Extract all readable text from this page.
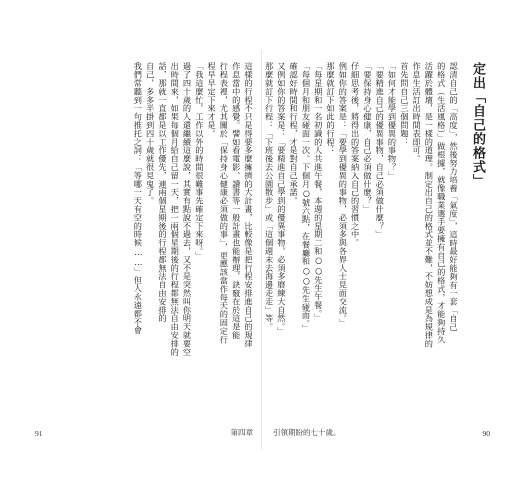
這樣的行程不只是得要多麼擁擠的大計畫，比較像是把行程安排進自己的規律
作息當中的感覺。譬如看電影、讀書等一般計畫也能辦理，訣竅在於這是能
行程表裡，尤其關於「保持身心健康必須做的事」，更應該當作每天的固定行
程早早定下來才是。
「我這麼忙，工作以外的時間很難事先確定下來呀。」
過了四十歲的人還繼續這麼說，其實有點說不過去，又不是突然叫你明天就要空
出時間來，如果每個月給自己留一天，把一兩個星期後的行程都無法自由安排的
話，那就一直都是以工作優先，連兩個星期後的行程都無法自由安排的
自己，多多半掛到四十歲就很見鬼了。
我們常聽到一句推托之詞：「等哪一天有空的時候……」但人永遠都不會
91	第四章
定出「自己的格式」
認清自己的「高度」，然後努力培養「氣度」，這時最好能夠有一套「自己
的格式（生活風格）」做根據，就像職業選手要擁有自己的格式，才能夠持久
活躍於體壇，是一樣的道理。制定出自己的格式並不難，不妨想成是為規律的
作息生活訂出時間表即可。
首先問自己三個問題：
「如何才能學到優異的事物？」
「要精進自己的優異事物，自己必須做什麼？」
「要保持身心健康，自己必須做什麼？」
仔細思考後，將得出的答案納入自己的習慣之中。
例如你的答案是：「要學到優異的事物，必須多與各界人士見面交流。」
那麼就訂下如此的行程：
「每星期和一名初識的人共進午餐，本週的星期二和○○先生午餐。」
「每個月和朋友碰面一次。下個月○號六點，在餐廳和○○先生碰面。」
確認好時間和行程，才是對自己承諾。
又例如你的答案是：「要精進自己學到的優異事物，必須多磨練大自然。」
那麼就訂下行程：「下班後去公園散步」或「這個週末去海邊走走」等。
引領期盼的七十歲。	90
